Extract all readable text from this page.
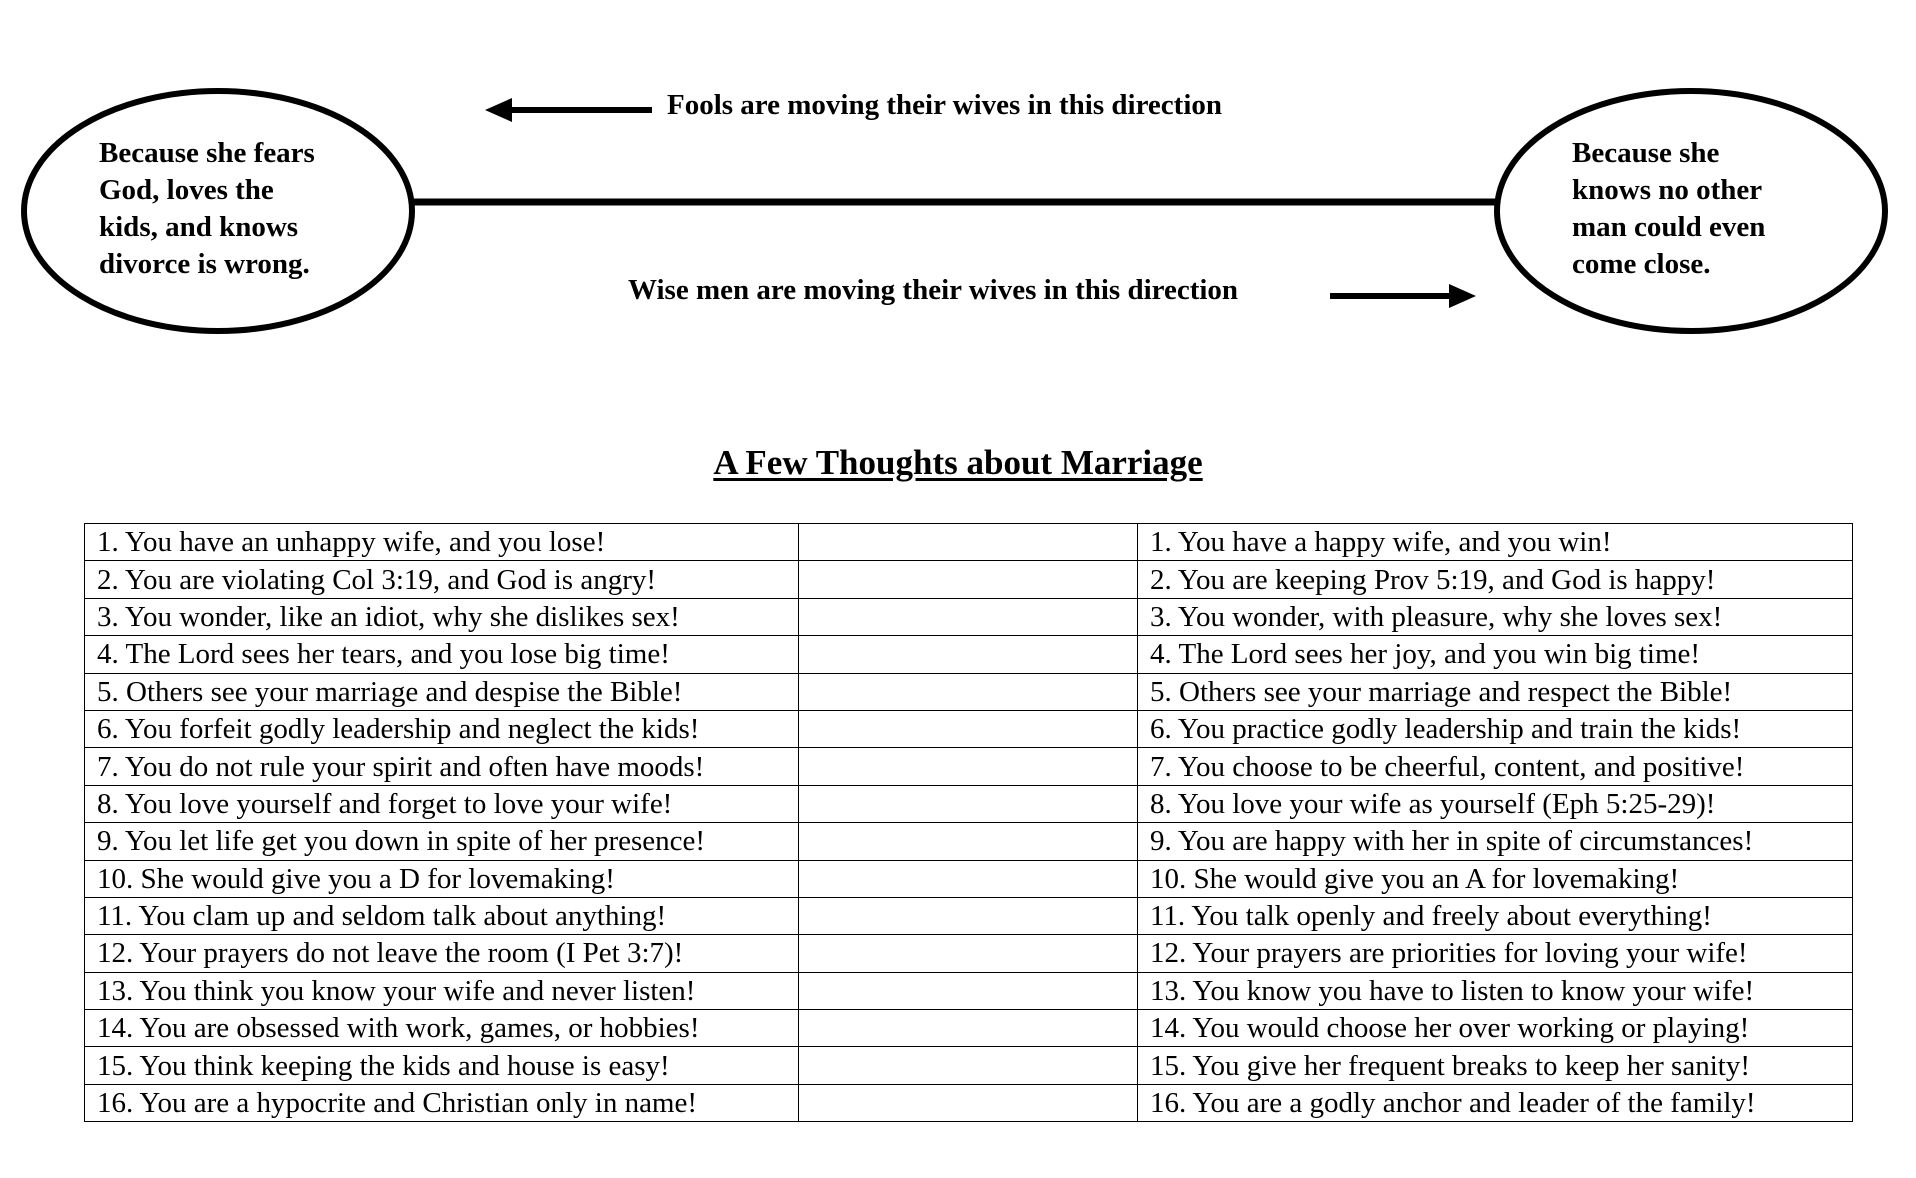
Because she fears
God, loves the
kids, and knows
divorce is wrong.
Because she
knows no other
man could even
come close.
Fools are moving their wives in this direction
Wise men are moving their wives in this direction
A Few Thoughts about Marriage
1. You have an unhappy wife, and you lose!		1. You have a happy wife, and you win!
2. You are violating Col 3:19, and God is angry!		2. You are keeping Prov 5:19, and God is happy!
3. You wonder, like an idiot, why she dislikes sex!		3. You wonder, with pleasure, why she loves sex!
4. The Lord sees her tears, and you lose big time!		4. The Lord sees her joy, and you win big time!
5. Others see your marriage and despise the Bible!		5. Others see your marriage and respect the Bible!
6. You forfeit godly leadership and neglect the kids!		6. You practice godly leadership and train the kids!
7. You do not rule your spirit and often have moods!		7. You choose to be cheerful, content, and positive!
8. You love yourself and forget to love your wife!		8. You love your wife as yourself (Eph 5:25-29)!
9. You let life get you down in spite of her presence!		9. You are happy with her in spite of circumstances!
10. She would give you a D for lovemaking!		10. She would give you an A for lovemaking!
11. You clam up and seldom talk about anything!		11. You talk openly and freely about everything!
12. Your prayers do not leave the room (I Pet 3:7)!		12. Your prayers are priorities for loving your wife!
13. You think you know your wife and never listen!		13. You know you have to listen to know your wife!
14. You are obsessed with work, games, or hobbies!		14. You would choose her over working or playing!
15. You think keeping the kids and house is easy!		15. You give her frequent breaks to keep her sanity!
16. You are a hypocrite and Christian only in name!		16. You are a godly anchor and leader of the family!
